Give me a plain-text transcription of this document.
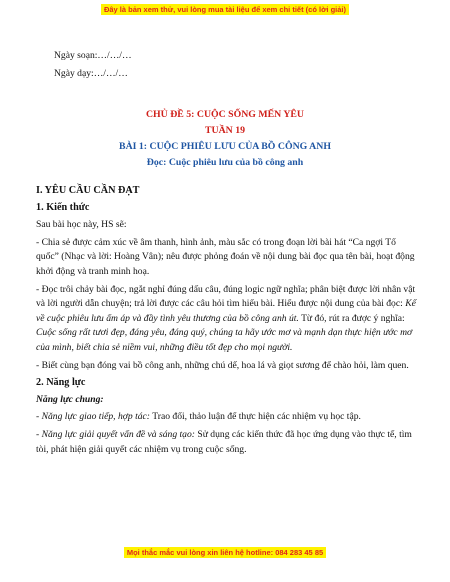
Đây là bản xem thử, vui lòng mua tài liệu để xem chi tiết (có lời giải)
Ngày soạn:…/…/…
Ngày dạy:…/…/…
CHỦ ĐỀ 5: CUỘC SỐNG MẾN YÊU
TUẦN 19
BÀI 1: CUỘC PHIÊU LƯU CỦA BỒ CÔNG ANH
Đọc: Cuộc phiêu lưu của bồ công anh

I. YÊU CẦU CẦN ĐẠT

1. Kiến thức

Sau bài học này, HS sẽ:

- Chia sẻ được cảm xúc về âm thanh, hình ảnh, màu sắc có trong đoạn lời bài hát “Ca ngợi Tổ quốc” (Nhạc và lời: Hoàng Vân); nêu được phỏng đoán về nội dung bài đọc qua tên bài, hoạt động khởi động và tranh minh hoạ.

- Đọc trôi chảy bài đọc, ngắt nghỉ đúng dấu câu, đúng logic ngữ nghĩa; phân biệt được lời nhân vật và lời người dẫn chuyện; trả lời được các câu hỏi tìm hiểu bài. Hiểu được nội dung của bài đọc: Kể về cuộc phiêu lưu ấm áp và đầy tình yêu thương của bồ công anh út. Từ đó, rút ra được ý nghĩa: Cuộc sống rất tươi đẹp, đáng yêu, đáng quý, chúng ta hãy ước mơ và mạnh dạn thực hiện ước mơ của mình, biết chia sẻ niềm vui, những điều tốt đẹp cho mọi người.

- Biết cùng bạn đóng vai bồ công anh, những chú dế, hoa lá và giọt sương để chào hỏi, làm quen.

2. Năng lực

Năng lực chung:

- Năng lực giao tiếp, hợp tác: Trao đổi, thảo luận để thực hiện các nhiệm vụ học tập.

- Năng lực giải quyết vấn đề và sáng tạo: Sử dụng các kiến thức đã học ứng dụng vào thực tế, tìm tòi, phát hiện giải quyết các nhiệm vụ trong cuộc sống.

Mọi thắc mắc vui lòng xin liên hệ hotline: 084 283 45 85
